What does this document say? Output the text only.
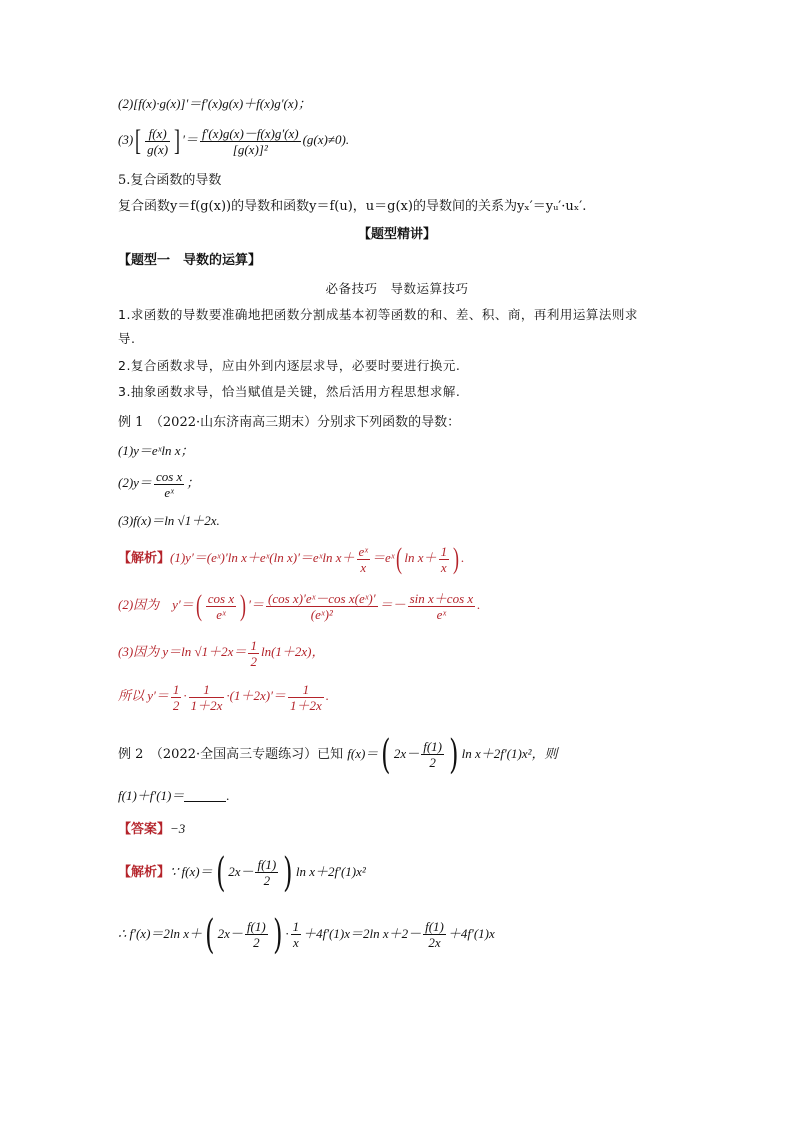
(2)[f(x)·g(x)]′＝f′(x)g(x)＋f(x)g′(x)；
$(3)[ \frac{f(x)}{g(x)}$ ] ′＝ $\frac{f'(x)g(x)-f(x)g'(x)}{\text{[g(x)]²}} (g(x)\ne 0)$.
5.复合函数的导数
复合函数y＝f(g(x))的导数和函数y＝f(u)，u＝g(x)的导数间的关系为yₓ′＝yᵤ′·uₓ′.
【题型精讲】
【题型一　导数的运算】
必备技巧　导数运算技巧
1.求函数的导数要准确地把函数分割成基本初等函数的和、差、积、商，再利用运算法则求
导.
2.复合函数求导，应由外到内逐层求导，必要时要进行换元.
3.抽象函数求导，恰当赋值是关键，然后活用方程思想求解.
例 1　（2022·山东济南高三期末）分别求下列函数的导数：
(1)y＝eˣln x；
$(2)y= \frac{\text{cos x}}{\text{eˣ}}$ ；
(3)f(x)＝ln √1＋2x.
【解析】(1)y′＝(eˣ)′ln x＋eˣ(ln x)′＝eˣln $x+ \frac{\text{eˣ}}{x}$ ＝eˣ( $\ln x+ \frac{1}{x}$ ) .
(2)因为　$y'=( \frac{\text{cos x}}{\text{eˣ}}$ ) ′＝ $\frac{\text{(cos x)′eˣ－cos x(eˣ)′}}{\text{(eˣ)²}} =- \frac{\text{sin x＋cos x}}{\text{eˣ}}$ .
(3)因为 y＝ln $√1+2x= \frac{1}{2} \ln(1+2x)$，
所以 $y'= \frac{1}{2} \cdot \frac{1}{1+2x} \cdot(1+2x)'= \frac{1}{1+2x}$ .
例 2　（2022·全国高三专题练习）已知 f(x)＝( $2x- \frac{f(1)}{2}$ ) ln x＋2f′(1)x²，则
f(1)＋f′(1)＝	.
【答案】−3
【解析】∵ f(x)＝( $2x- \frac{f(1)}{2}$ ) ln x＋2f′(1)x²
∴ f′(x)＝2ln x＋( $2x- \frac{f(1)}{2}$ ) · $\frac{1}{x} +4f'(1)x=2\ln$ $x+2- \frac{f(1)}{2x} +4f'(1)x$
